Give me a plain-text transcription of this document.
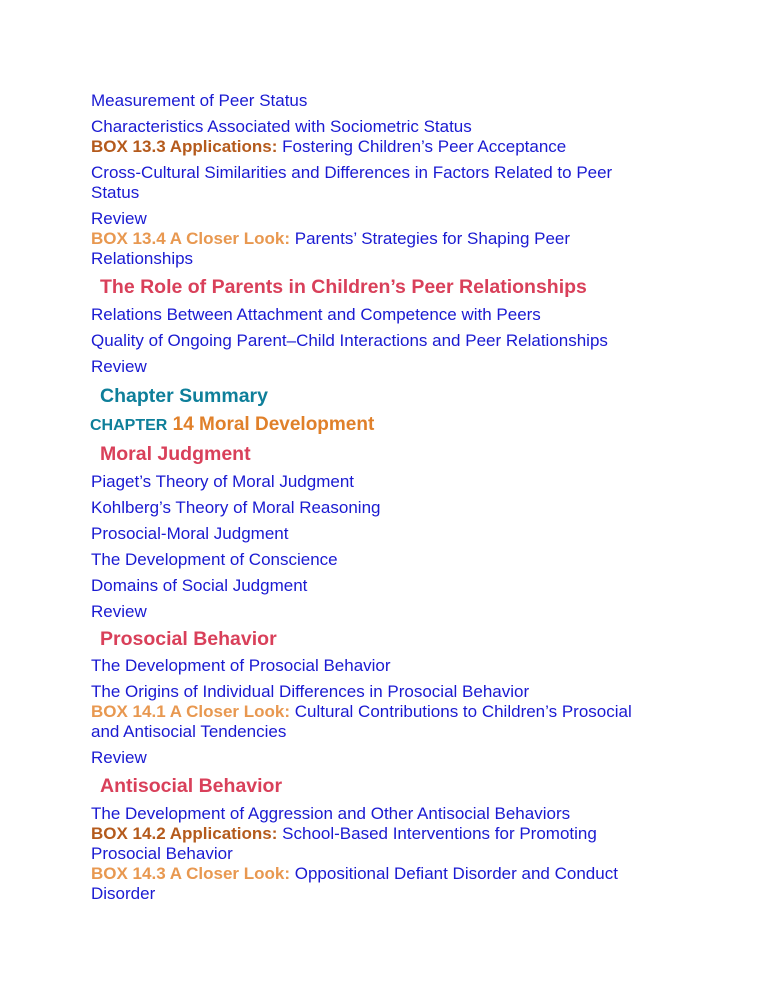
Measurement of Peer Status
Characteristics Associated with Sociometric Status
BOX 13.3 Applications: Fostering Children’s Peer Acceptance
Cross-Cultural Similarities and Differences in Factors Related to Peer
Status
Review
BOX 13.4 A Closer Look: Parents’ Strategies for Shaping Peer
Relationships
The Role of Parents in Children’s Peer Relationships
Relations Between Attachment and Competence with Peers
Quality of Ongoing Parent–Child Interactions and Peer Relationships
Review
Chapter Summary
CHAPTER 14 Moral Development
Moral Judgment
Piaget’s Theory of Moral Judgment
Kohlberg’s Theory of Moral Reasoning
Prosocial-Moral Judgment
The Development of Conscience
Domains of Social Judgment
Review
Prosocial Behavior
The Development of Prosocial Behavior
The Origins of Individual Differences in Prosocial Behavior
BOX 14.1 A Closer Look: Cultural Contributions to Children’s Prosocial
and Antisocial Tendencies
Review
Antisocial Behavior
The Development of Aggression and Other Antisocial Behaviors
BOX 14.2 Applications: School-Based Interventions for Promoting
Prosocial Behavior
BOX 14.3 A Closer Look: Oppositional Defiant Disorder and Conduct
Disorder
